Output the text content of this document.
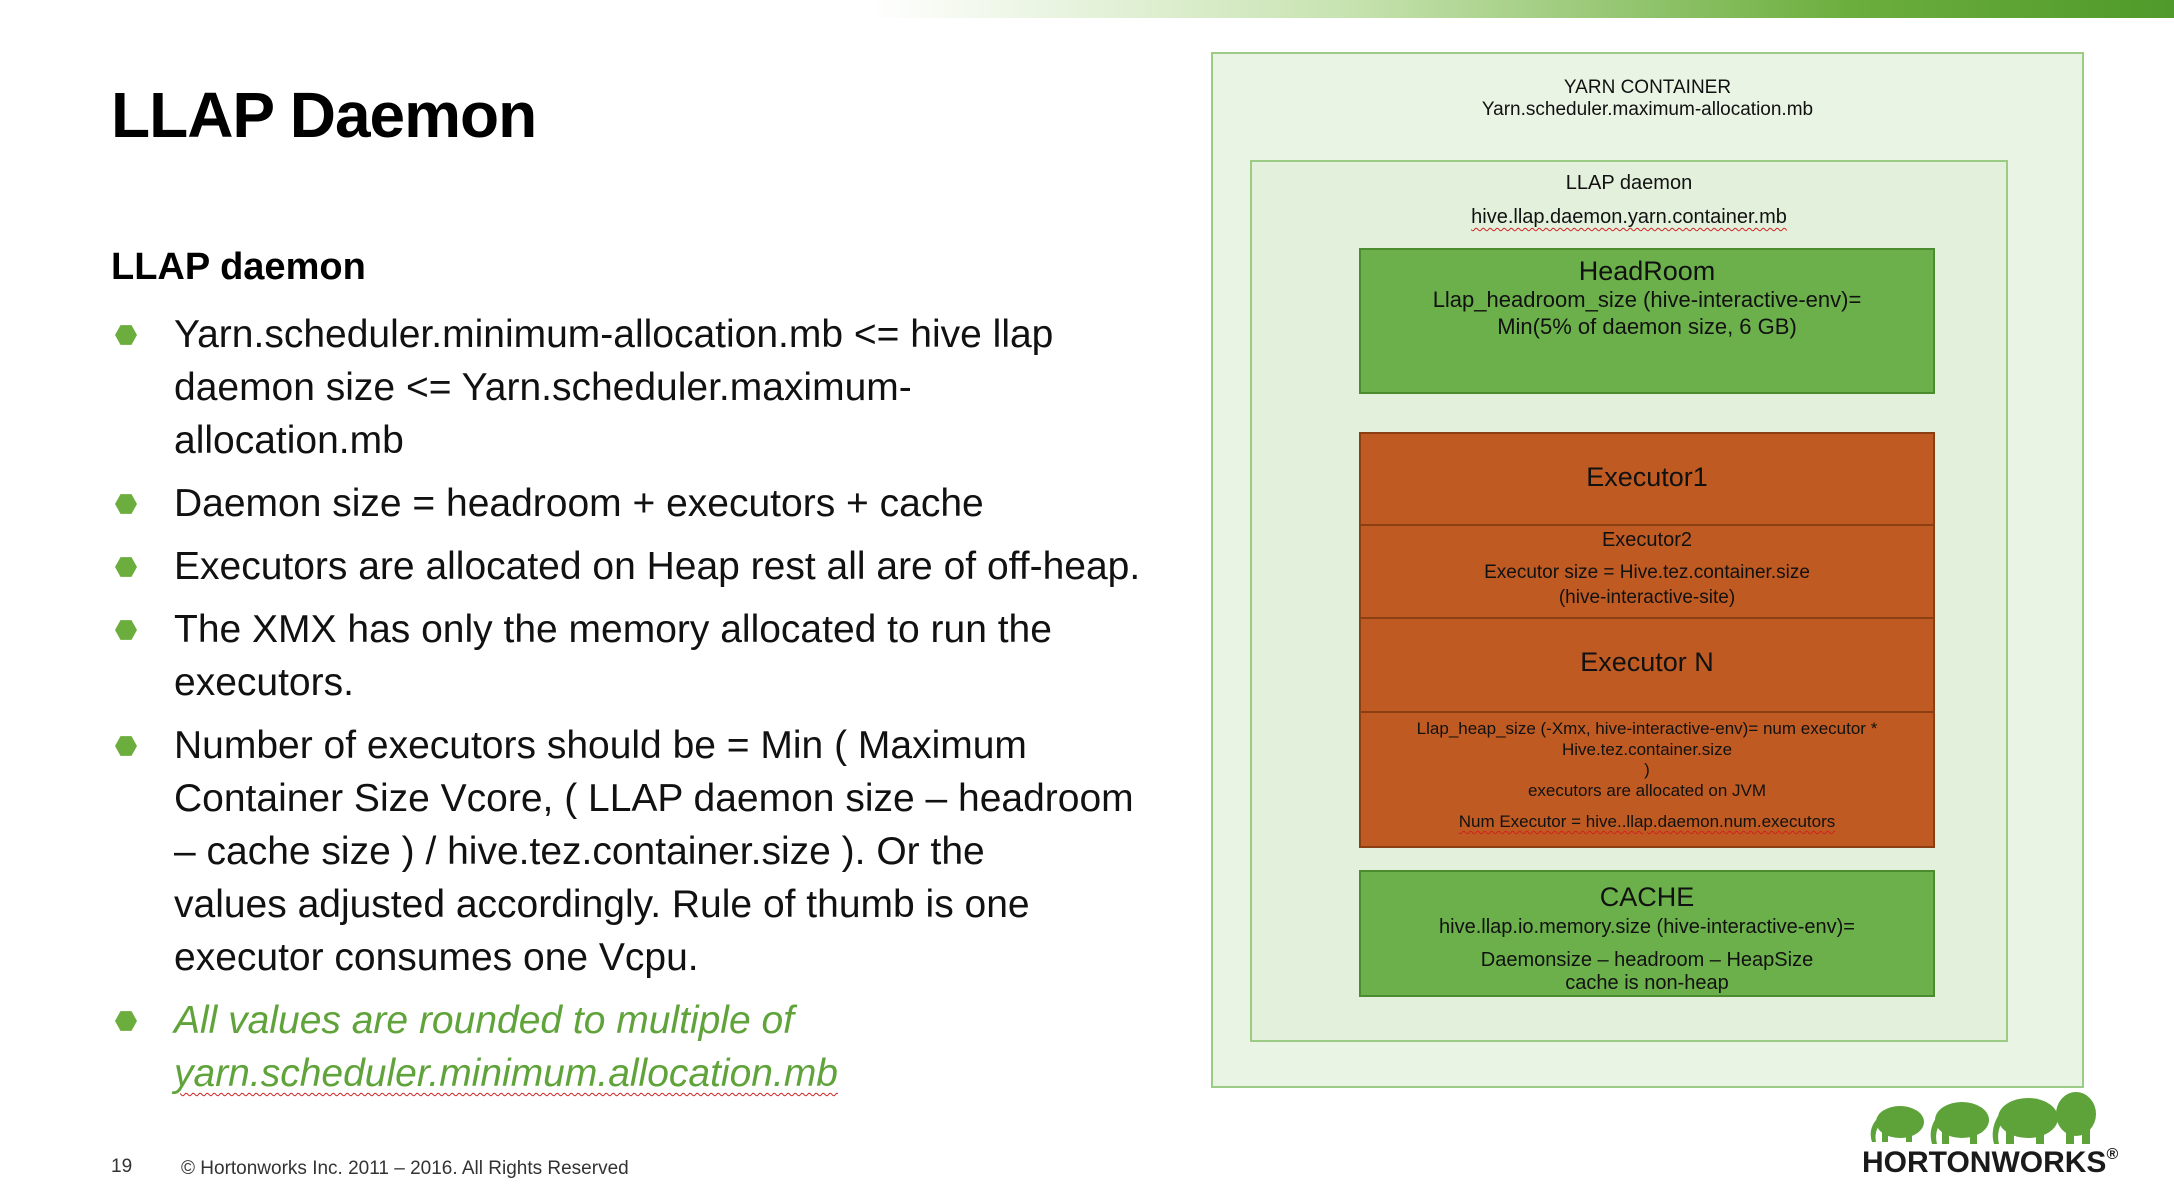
LLAP Daemon
LLAP daemon
Yarn.scheduler.minimum-allocation.mb <= hive llap
daemon size <= Yarn.scheduler.maximum-
allocation.mb
Daemon size = headroom + executors + cache
Executors are allocated on Heap rest all are of off-heap.
The XMX has only the memory allocated to run the
executors.
Number of executors should be = Min ( Maximum
Container Size Vcore, ( LLAP daemon size – headroom
– cache size ) / hive.tez.container.size ). Or the
values adjusted accordingly. Rule of thumb is one
executor consumes one Vcpu.
All values are rounded to multiple of
yarn.scheduler.minimum.allocation.mb
YARN CONTAINER
Yarn.scheduler.maximum-allocation.mb
LLAP daemon
hive.llap.daemon.yarn.container.mb
HeadRoom
Llap_headroom_size (hive-interactive-env)=
Min(5% of daemon size, 6 GB)
Executor1
Executor2
Executor size = Hive.tez.container.size
(hive-interactive-site)
Executor N
Llap_heap_size (-Xmx, hive-interactive-env)= num executor *
Hive.tez.container.size
)
executors are allocated on JVM
Num Executor = hive..llap.daemon.num.executors
CACHE
hive.llap.io.memory.size (hive-interactive-env)=
Daemonsize – headroom – HeapSize
cache is non-heap
19	© Hortonworks Inc. 2011 – 2016. All Rights Reserved	HORTONWORKS®
